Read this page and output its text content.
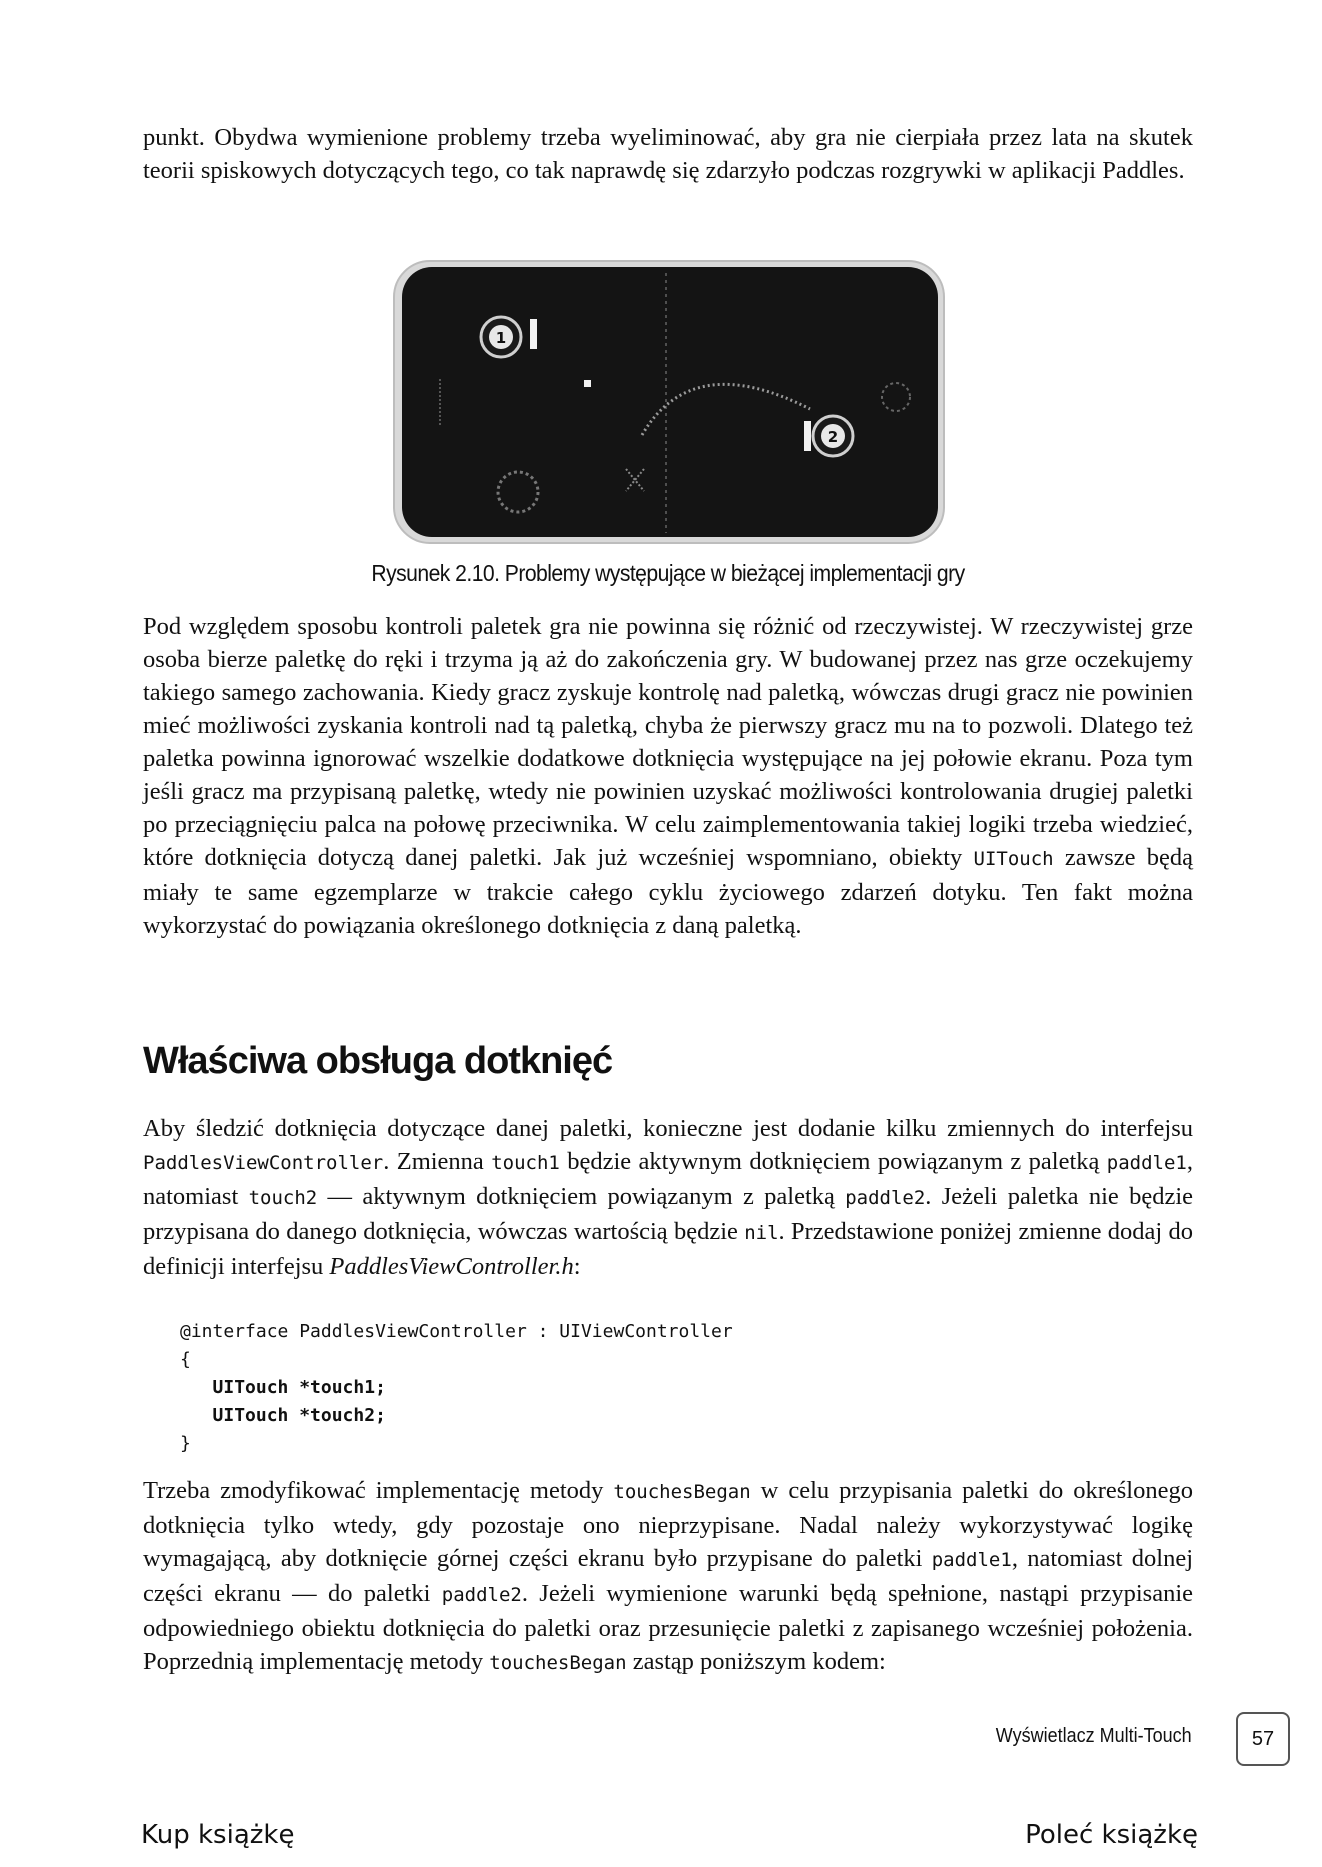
punkt. Obydwa wymienione problemy trzeba wyeliminować, aby gra nie cierpiała przez lata na skutek teorii spiskowych dotyczących tego, co tak naprawdę się zdarzyło podczas rozgrywki w aplikacji Paddles.

1
2
Rysunek 2.10. Problemy występujące w bieżącej implementacji gry

Pod względem sposobu kontroli paletek gra nie powinna się różnić od rzeczywistej. W rzeczywistej grze osoba bierze paletkę do ręki i trzyma ją aż do zakończenia gry. W budowanej przez nas grze oczekujemy takiego samego zachowania. Kiedy gracz zyskuje kontrolę nad paletką, wówczas drugi gracz nie powinien mieć możliwości zyskania kontroli nad tą paletką, chyba że pierwszy gracz mu na to pozwoli. Dlatego też paletka powinna ignorować wszelkie dodatkowe dotknięcia występujące na jej połowie ekranu. Poza tym jeśli gracz ma przypisaną paletkę, wtedy nie powinien uzyskać możliwości kontrolowania drugiej paletki po przeciągnięciu palca na połowę przeciwnika. W celu zaimplementowania takiej logiki trzeba wiedzieć, które dotknięcia dotyczą danej paletki. Jak już wcześniej wspomniano, obiekty UITouch zawsze będą miały te same egzemplarze w trakcie całego cyklu życiowego zdarzeń dotyku. Ten fakt można wykorzystać do powiązania określonego dotknięcia z daną paletką.

Właściwa obsługa dotknięć

Aby śledzić dotknięcia dotyczące danej paletki, konieczne jest dodanie kilku zmiennych do interfejsu PaddlesViewController. Zmienna touch1 będzie aktywnym dotknięciem powiązanym z paletką paddle1, natomiast touch2 — aktywnym dotknięciem powiązanym z paletką paddle2. Jeżeli paletka nie będzie przypisana do danego dotknięcia, wówczas wartością będzie nil. Przedstawione poniżej zmienne dodaj do definicji interfejsu PaddlesViewController.h:

@interface PaddlesViewController : UIViewController
{
UITouch *touch1;
UITouch *touch2;
}

Trzeba zmodyfikować implementację metody touchesBegan w celu przypisania paletki do określonego dotknięcia tylko wtedy, gdy pozostaje ono nieprzypisane. Nadal należy wykorzystywać logikę wymagającą, aby dotknięcie górnej części ekranu było przypisane do paletki paddle1, natomiast dolnej części ekranu — do paletki paddle2. Jeżeli wymienione warunki będą spełnione, nastąpi przypisanie odpowiedniego obiektu dotknięcia do paletki oraz przesunięcie paletki z zapisanego wcześniej położenia. Poprzednią implementację metody touchesBegan zastąp poniższym kodem:

Wyświetlacz Multi-Touch	57
Kup książkę	Poleć książkę
